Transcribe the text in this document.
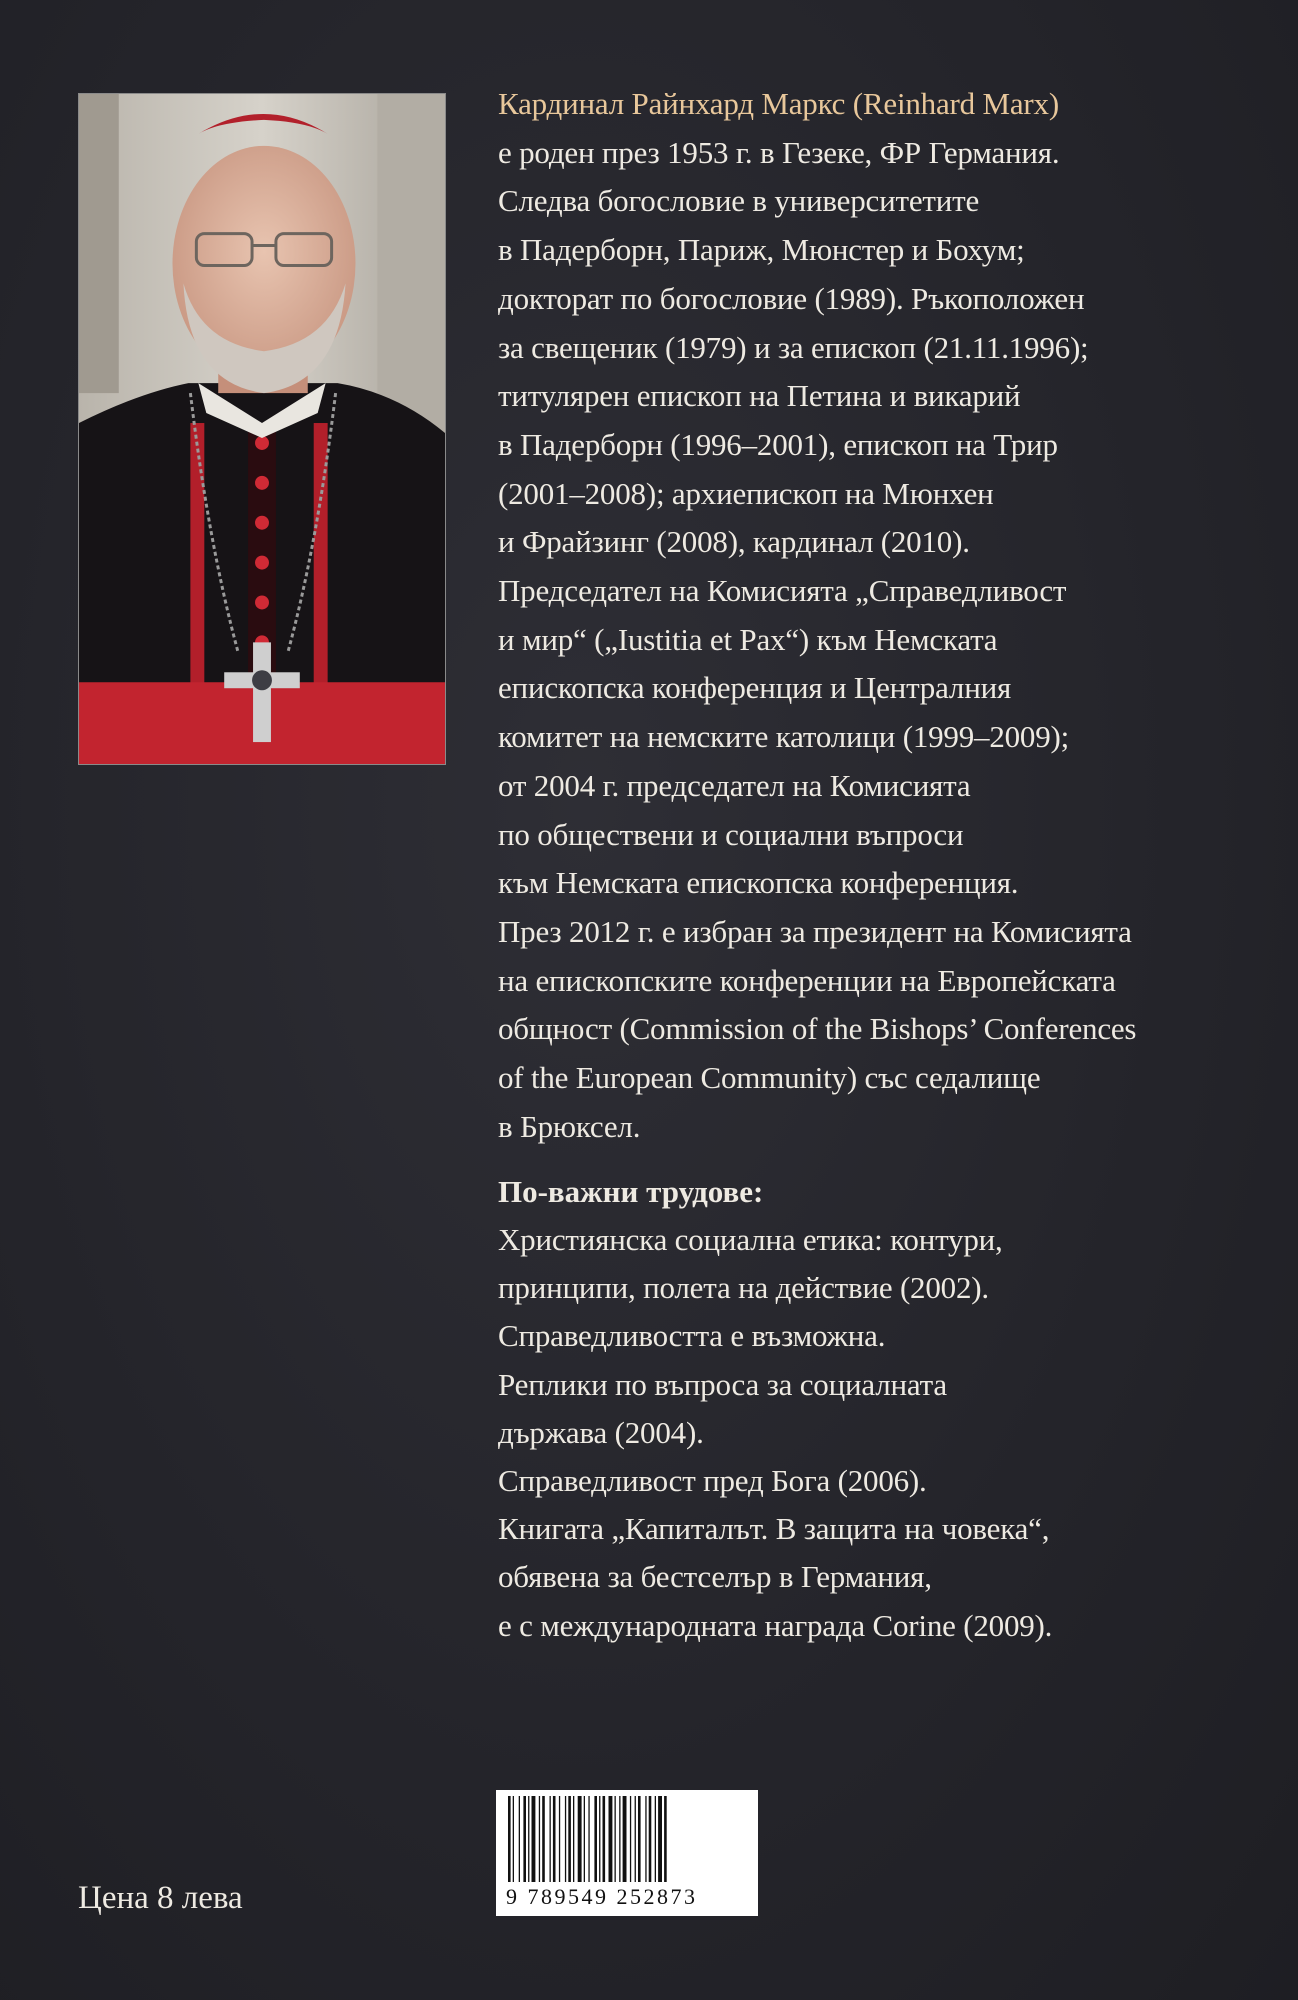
Кардинал Райнхард Маркс (Reinhard Marx)
е роден през 1953 г. в Гезеке, ФР Германия.
Следва богословие в университетите
в Падерборн, Париж, Мюнстер и Бохум;
докторат по богословие (1989). Ръкоположен
за свещеник (1979) и за епископ (21.11.1996);
титулярен епископ на Петина и викарий
в Падерборн (1996–2001), епископ на Трир
(2001–2008); архиепископ на Мюнхен
и Фрайзинг (2008), кардинал (2010).
Председател на Комисията „Справедливост
и мир“ („Iustitia et Pax“) към Немската
епископска конференция и Централния
комитет на немските католици (1999–2009);
от 2004 г. председател на Комисията
по обществени и социални въпроси
към Немската епископска конференция.
През 2012 г. е избран за президент на Комисията
на епископските конференции на Европейската
общност (Commission of the Bishops’ Conferences
of the European Community) със седалище
в Брюксел.
По-важни трудове:
Християнска социална етика: контури,
принципи, полета на действие (2002).
Справедливостта е възможна.
Реплики по въпроса за социалната
държава (2004).
Справедливост пред Бога (2006).
Книгата „Капиталът. В защита на човека“,
обявена за бестселър в Германия,
е с международната награда Corine (2009).
9 789549 252873
Цена 8 лева
